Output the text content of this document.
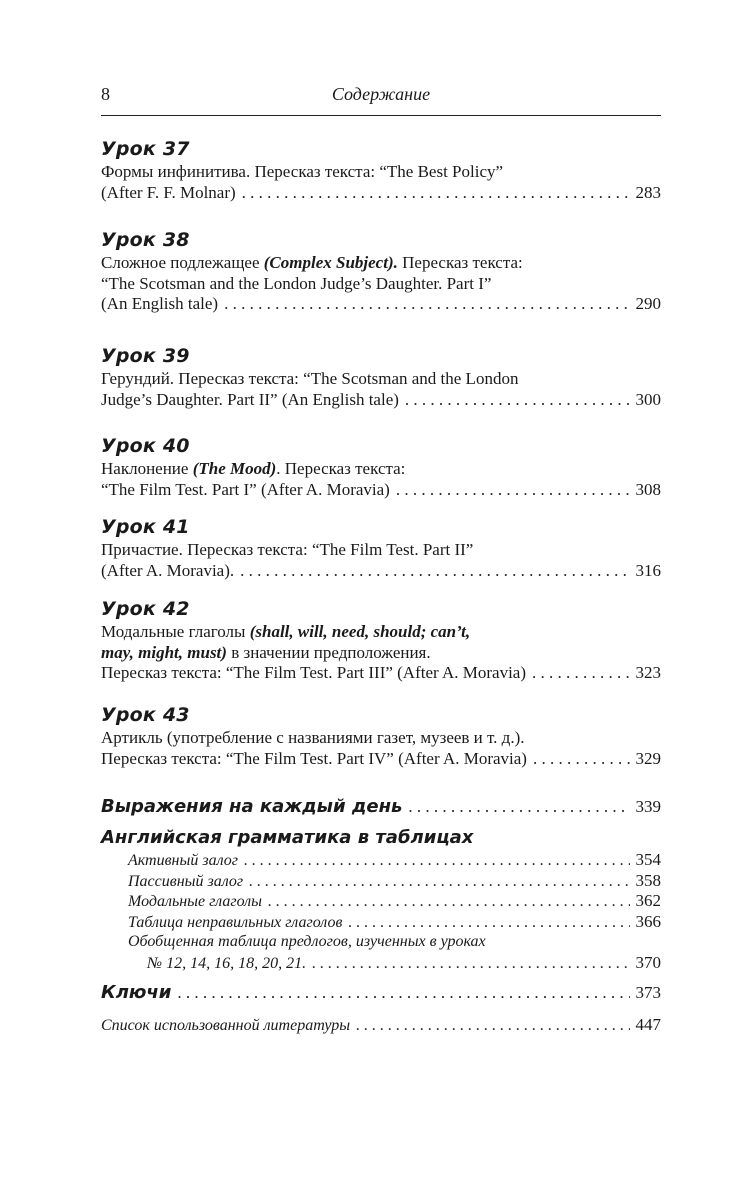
8	Содержание
Урок 37
Формы инфинитива. Пересказ текста: “The Best Policy”
(After F. F. Molnar) . . .	283
Урок 38
Сложное подлежащее (Complex Subject). Пересказ текста:
“The Scotsman and the London Judge’s Daughter. Part I”
(An English tale) . . .	290
Урок 39
Герундий. Пересказ текста: “The Scotsman and the London
Judge’s Daughter. Part II” (An English tale) . . .	300
Урок 40
Наклонение (The Mood). Пересказ текста:
“The Film Test. Part I” (After A. Moravia) . . .	308
Урок 41
Причастие. Пересказ текста: “The Film Test. Part II”
(After A. Moravia). . . .	316
Урок 42
Модальные глаголы (shall, will, need, should; can’t,
may, might, must) в значении предположения.
Пересказ текста: “The Film Test. Part III” (After A. Moravia) . . .	323
Урок 43
Артикль (употребление с названиями газет, музеев и т. д.).
Пересказ текста: “The Film Test. Part IV” (After A. Moravia) . . .	329
Выражения на каждый день . . .	339
Английская грамматика в таблицах
Активный залог . . .	354
Пассивный залог . . .	358
Модальные глаголы . . .	362
Таблица неправильных глаголов . . .	366
Обобщенная таблица предлогов, изученных в уроках
№ 12, 14, 16, 18, 20, 21. . . .	370
Ключи . . .	373
Список использованной литературы . . .	447
